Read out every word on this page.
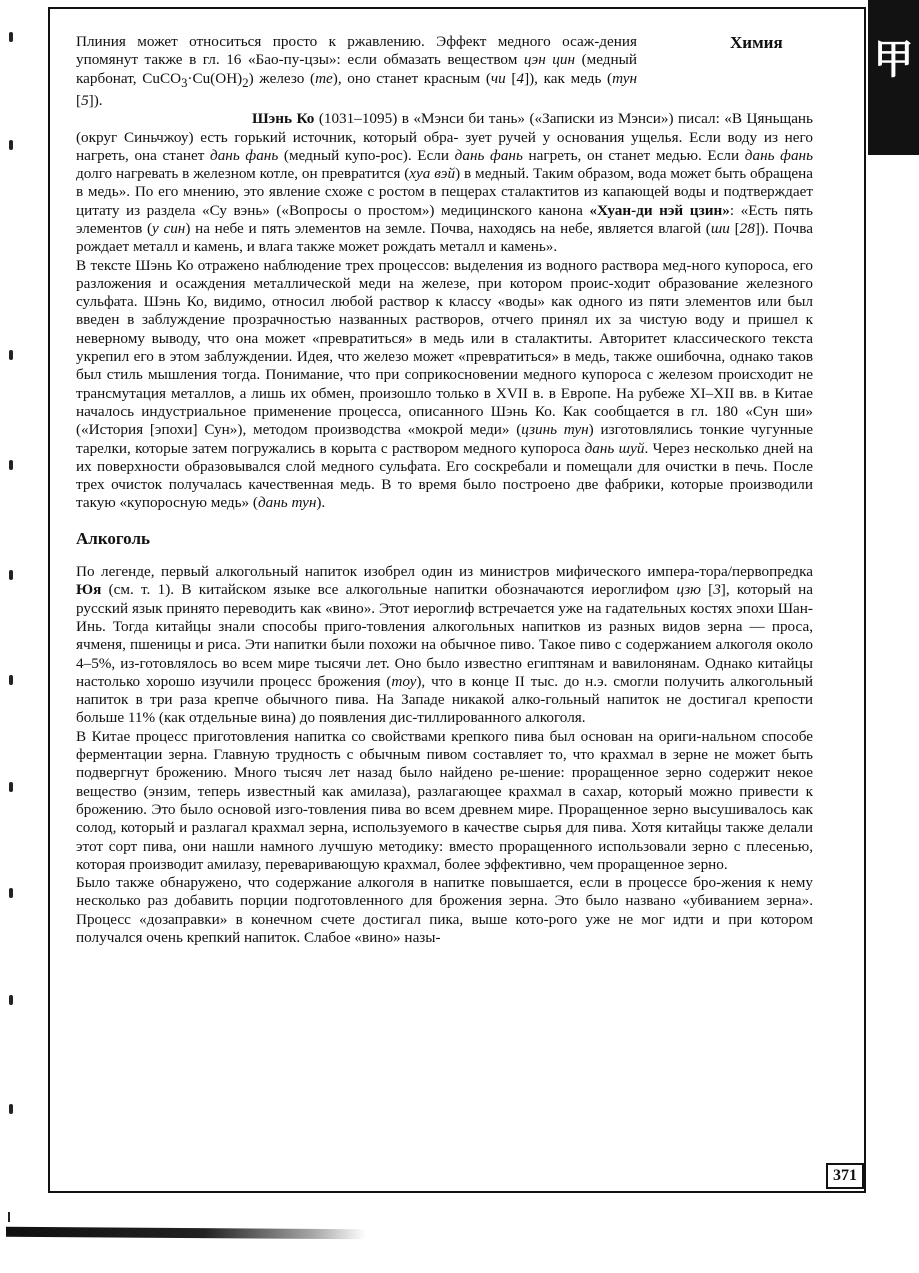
甲
Химия

Плиния может относиться просто к ржавлению. Эффект медного осаж-дения упомянут также в гл. 16 «Бао-пу-цзы»: если обмазать веществом цэн цин (медный карбонат, $CuCO_3\cdot Cu(OH)_2$) железо (те), оно станет красным (чи [4]), как медь (тун [5]).

Шэнь Ко (1031–1095) в «Мэнси би тань» («Записки из Мэнси») писал: «В Цяньщань (округ Синьчжоу) есть горький источник, который обра- зует ручей у основания ущелья. Если воду из него нагреть, она станет дань фань (медный купо-рос). Если дань фань нагреть, он станет медью. Если дань фань долго нагревать в железном котле, он превратится (хуа вэй) в медный. Таким образом, вода может быть обращена в медь». По его мнению, это явление схоже с ростом в пещерах сталактитов из капающей воды и подтверждает цитату из раздела «Су вэнь» («Вопросы о простом») медицинского канона «Хуан-ди нэй цзин»: «Есть пять элементов (у син) на небе и пять элементов на земле. Почва, находясь на небе, является влагой (ши [28]). Почва рождает металл и камень, и влага также может рождать металл и камень».

В тексте Шэнь Ко отражено наблюдение трех процессов: выделения из водного раствора мед-ного купороса, его разложения и осаждения металлической меди на железе, при котором проис-ходит образование железного сульфата. Шэнь Ко, видимо, относил любой раствор к классу «воды» как одного из пяти элементов или был введен в заблуждение прозрачностью названных растворов, отчего принял их за чистую воду и пришел к неверному выводу, что она может «превратиться» в медь или в сталактиты. Авторитет классического текста укрепил его в этом заблуждении. Идея, что железо может «превратиться» в медь, также ошибочна, однако таков был стиль мышления тогда. Понимание, что при соприкосновении медного купороса с железом происходит не трансмутация металлов, а лишь их обмен, произошло только в XVII в. в Европе. На рубеже XI–XII вв. в Китае началось индустриальное применение процесса, описанного Шэнь Ко. Как сообщается в гл. 180 «Сун ши» («История [эпохи] Сун»), методом производства «мокрой меди» (цзинь тун) изготовлялись тонкие чугунные тарелки, которые затем погружались в корыта с раствором медного купороса дань шуй. Через несколько дней на их поверхности образовывался слой медного сульфата. Его соскребали и помещали для очистки в печь. После трех очисток получалась качественная медь. В то время было построено две фабрики, которые производили такую «купоросную медь» (дань тун).

Алкоголь

По легенде, первый алкогольный напиток изобрел один из министров мифического импера-тора/первопредка Юя (см. т. 1). В китайском языке все алкогольные напитки обозначаются иероглифом цзю [3], который на русский язык принято переводить как «вино». Этот иероглиф встречается уже на гадательных костях эпохи Шан-Инь. Тогда китайцы знали способы приго-товления алкогольных напитков из разных видов зерна — проса, ячменя, пшеницы и риса. Эти напитки были похожи на обычное пиво. Такое пиво с содержанием алкоголя около 4–5%, из-готовлялось во всем мире тысячи лет. Оно было известно египтянам и вавилонянам. Однако китайцы настолько хорошо изучили процесс брожения (тоу), что в конце II тыс. до н.э. смогли получить алкогольный напиток в три раза крепче обычного пива. На Западе никакой алко-гольный напиток не достигал крепости больше 11% (как отдельные вина) до появления дис-тиллированного алкоголя.

В Китае процесс приготовления напитка со свойствами крепкого пива был основан на ориги-нальном способе ферментации зерна. Главную трудность с обычным пивом составляет то, что крахмал в зерне не может быть подвергнут брожению. Много тысяч лет назад было найдено ре-шение: проращенное зерно содержит некое вещество (энзим, теперь известный как амилаза), разлагающее крахмал в сахар, который можно привести к брожению. Это было основой изго-товления пива во всем древнем мире. Проращенное зерно высушивалось как солод, который и разлагал крахмал зерна, используемого в качестве сырья для пива. Хотя китайцы также делали этот сорт пива, они нашли намного лучшую методику: вместо проращенного использовали зерно с плесенью, которая производит амилазу, переваривающую крахмал, более эффективно, чем проращенное зерно.

Было также обнаружено, что содержание алкоголя в напитке повышается, если в процессе бро-жения к нему несколько раз добавить порции подготовленного для брожения зерна. Это было названо «убиванием зерна». Процесс «дозаправки» в конечном счете достигал пика, выше кото-рого уже не мог идти и при котором получался очень крепкий напиток. Слабое «вино» назы-

371
